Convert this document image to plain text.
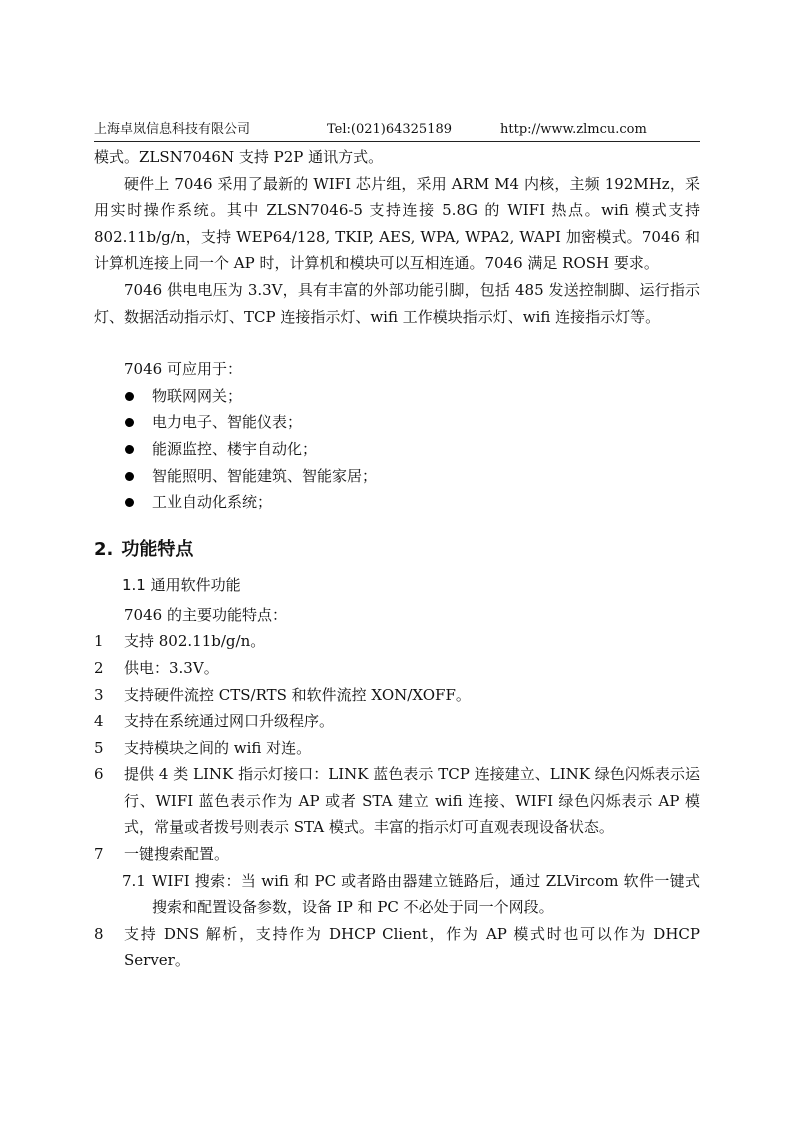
上海卓岚信息科技有限公司	Tel:(021)64325189	http://www.zlmcu.com

模式。ZLSN7046N 支持 P2P 通讯方式。

硬件上 7046 采用了最新的 WIFI 芯片组，采用 ARM M4 内核，主频 192MHz，采用实时操作系统。其中 ZLSN7046-5 支持连接 5.8G 的 WIFI 热点。wifi 模式支持 802.11b/g/n，支持 WEP64/128, TKIP, AES, WPA, WPA2, WAPI 加密模式。7046 和计算机连接上同一个 AP 时，计算机和模块可以互相连通。7046 满足 ROSH 要求。

7046 供电电压为 3.3V，具有丰富的外部功能引脚，包括 485 发送控制脚、运行指示灯、数据活动指示灯、TCP 连接指示灯、wifi 工作模块指示灯、wifi 连接指示灯等。

7046 可应用于：

物联网网关；
电力电子、智能仪表；
能源监控、楼宇自动化；
智能照明、智能建筑、智能家居；
工业自动化系统；
2. 功能特点
1.1 通用软件功能

7046 的主要功能特点：

1 支持 802.11b/g/n。
2 供电：3.3V。
3 支持硬件流控 CTS/RTS 和软件流控 XON/XOFF。
4 支持在系统通过网口升级程序。
5 支持模块之间的 wifi 对连。
6 提供 4 类 LINK 指示灯接口：LINK 蓝色表示 TCP 连接建立、LINK 绿色闪烁表示运行、WIFI 蓝色表示作为 AP 或者 STA 建立 wifi 连接、WIFI 绿色闪烁表示 AP 模式，常量或者拨号则表示 STA 模式。丰富的指示灯可直观表现设备状态。
7 一键搜索配置。
7.1 WIFI 搜索：当 wifi 和 PC 或者路由器建立链路后，通过 ZLVircom 软件一键式搜索和配置设备参数，设备 IP 和 PC 不必处于同一个网段。
8 支持 DNS 解析，支持作为 DHCP Client，作为 AP 模式时也可以作为 DHCP Server。
